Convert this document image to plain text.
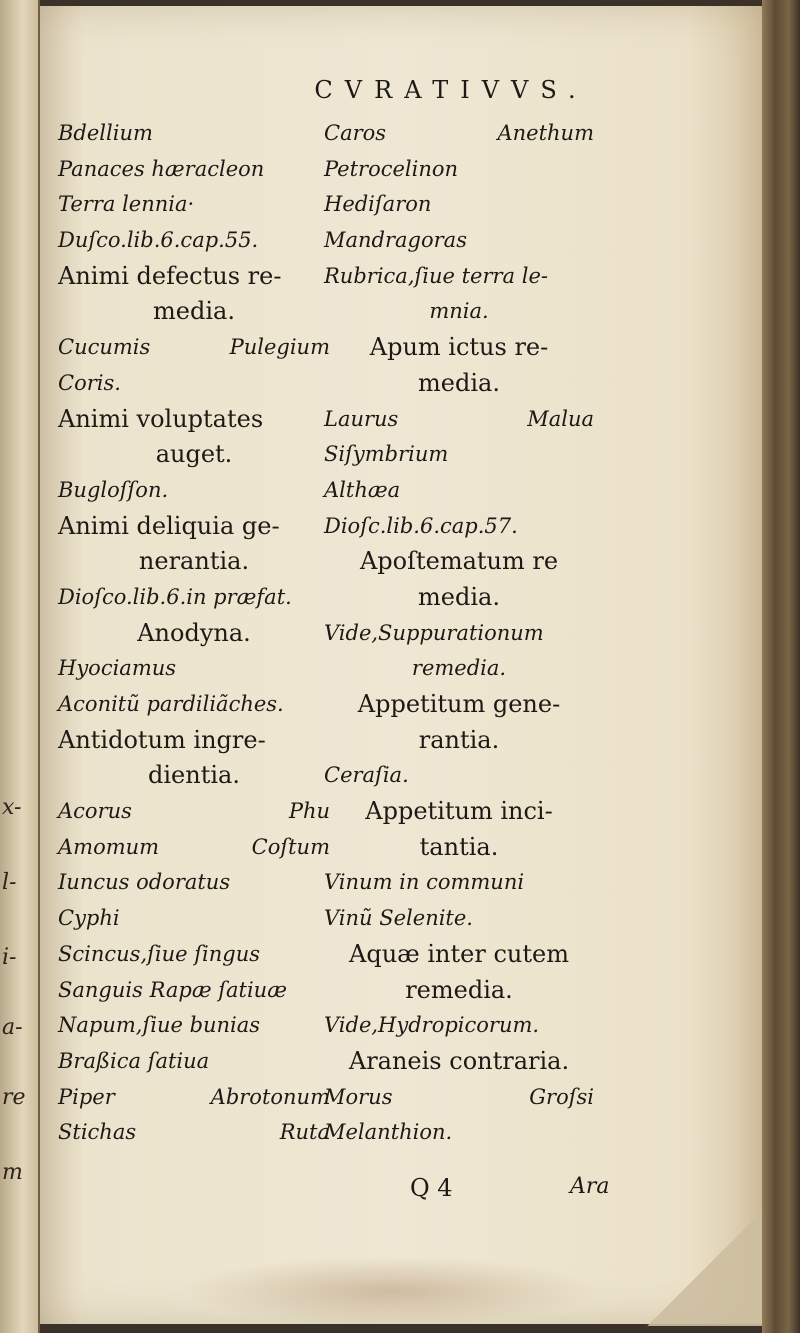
x-
l-
i-
a-
re
m
CVRATIVVS.
Bdellium
Panaces hæracleon
Terra lennia·
Dиſco.lib.6.cap.55.
Animi defectus re-
media.
Cucumis	Pulegium
Coris.
Animi voluptates
auget.
Bugloſſon.
Animi deliquia ge-
nerantia.
Dioſco.lib.6.in præfat.
Anodyna.
Hyociamus
Aconitũ pardiliãches.
Antidotum ingre-
dientia.
Acorus	Phu
Amomum	Coſtum
Iuncus odoratus
Cyphi
Scincus,ſiue ſingus
Sanguis Rapæ ſatiuæ
Napum,ſiue bunias
Braßica ſatiua
Piper	Abrotonum
Stichas	Ruta
Caros	Anethum
Petrocelinon
Hediſaron
Mandragoras
Rubrica,ſiue terra le-
mnia.
Apum ictus re-
media.
Laurus	Malua
Siſymbrium
Althæa
Dioſc.lib.6.cap.57.
Apoſtematum re
media.
Vide,Suppurationum
remedia.
Appetitum gene-
rantia.
Ceraſia.
Appetitum inci-
tantia.
Vinum in communi
Vinũ Selenite.
Aquæ inter cutem
remedia.
Vide,Hydropicorum.
Araneis contraria.
Morus	Groſsi
Melanthion.
Q 4	Ara
